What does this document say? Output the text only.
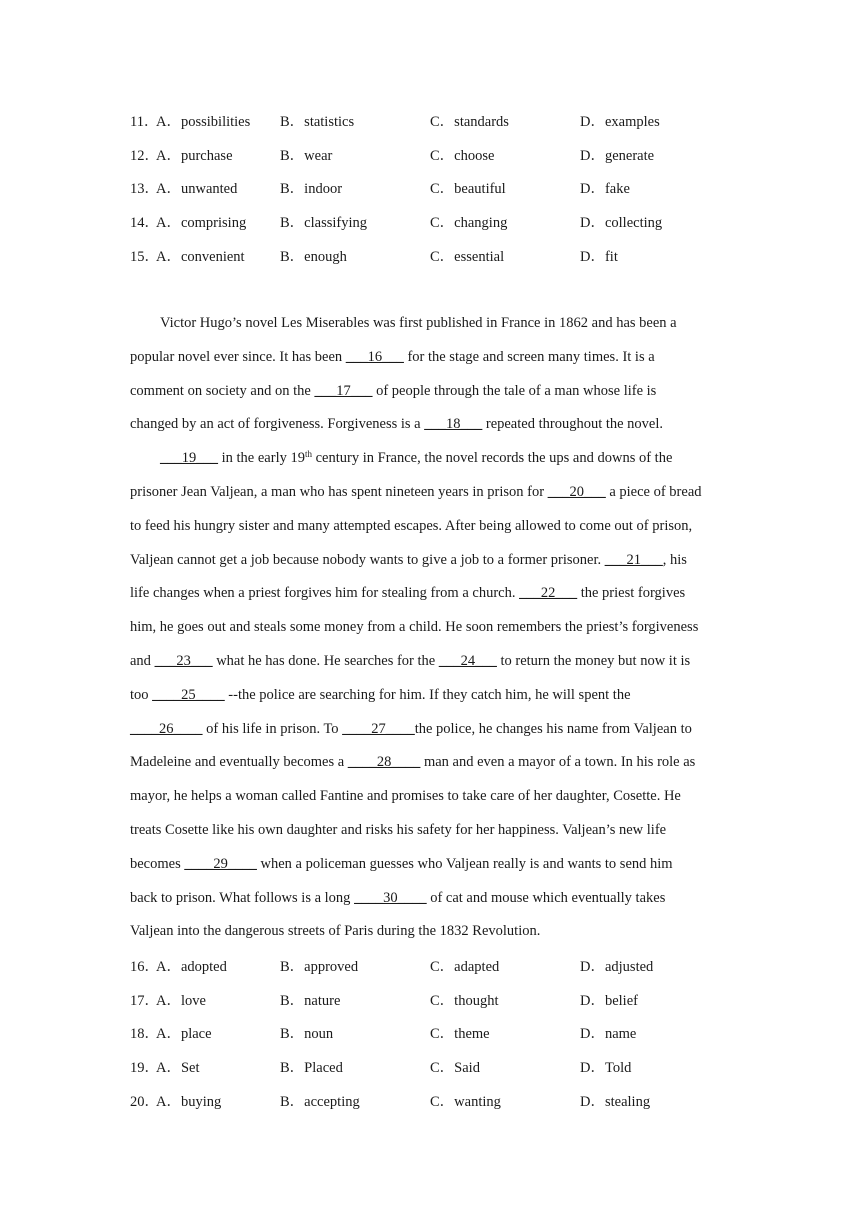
11．
A．possibilities B．statistics	C．standards	D．examples
12．
A．purchase	B．wear	C．choose	D．generate
13．
A．unwanted	B．indoor	C．beautiful	D．fake
14．
A．comprising B．classifying	C．changing	D．collecting
15．
A．convenient B．enough	C．essential	D．fit
Victor Hugo’s novel Les Miserables was first published in France in 1862 and has been a
popular novel ever since. It has been ___16___ for the stage and screen many times. It is a
comment on society and on the ___17___ of people through the tale of a man whose life is
changed by an act of forgiveness. Forgiveness is a ___18___ repeated throughout the novel.
___19___ in the early 19th century in France, the novel records the ups and downs of the
prisoner Jean Valjean, a man who has spent nineteen years in prison for ___20___ a piece of bread
to feed his hungry sister and many attempted escapes. After being allowed to come out of prison,
Valjean cannot get a job because nobody wants to give a job to a former prisoner. ___21___, his
life changes when a priest forgives him for stealing from a church. ___22___ the priest forgives
him, he goes out and steals some money from a child. He soon remembers the priest’s forgiveness
and ___23___ what he has done. He searches for the ___24___ to return the money but now it is
too ____25____ --the police are searching for him. If they catch him, he will spent the
____26____ of his life in prison. To ____27____the police, he changes his name from Valjean to
Madeleine and eventually becomes a ____28____ man and even a mayor of a town. In his role as
mayor, he helps a woman called Fantine and promises to take care of her daughter, Cosette. He
treats Cosette like his own daughter and risks his safety for her happiness. Valjean’s new life
becomes ____29____ when a policeman guesses who Valjean really is and wants to send him
back to prison. What follows is a long ____30____ of cat and mouse which eventually takes
Valjean into the dangerous streets of Paris during the 1832 Revolution.
16．
A．adopted	B．approved	C．adapted	D．adjusted
17．
A．love	B．nature	C．thought	D．belief
18．
A．place	B．noun	C．theme	D．name
19．
A．Set	B．Placed	C．Said	D．Told
20．
A．buying	B．accepting	C．wanting	D．stealing
